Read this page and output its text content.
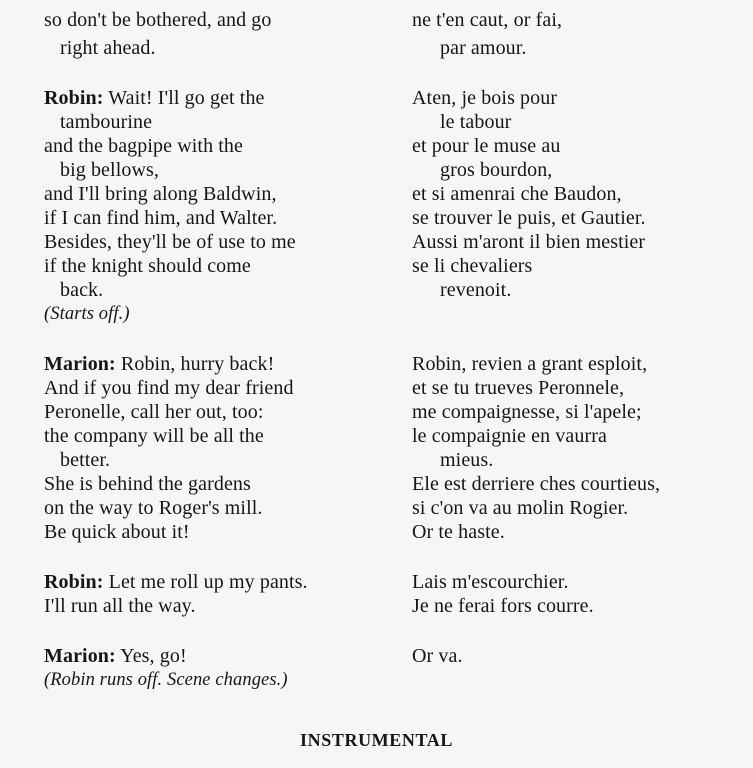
so don't be bothered, and go
right ahead.
Robin: Wait! I'll go get the
tambourine
and the bagpipe with the
big bellows,
and I'll bring along Baldwin,
if I can find him, and Walter.
Besides, they'll be of use to me
if the knight should come
back.
(Starts off.)
Marion: Robin, hurry back!
And if you find my dear friend
Peronelle, call her out, too:
the company will be all the
better.
She is behind the gardens
on the way to Roger's mill.
Be quick about it!
Robin: Let me roll up my pants.
I'll run all the way.
Marion: Yes, go!
(Robin runs off. Scene changes.)
ne t'en caut, or fai,
par amour.
Aten, je bois pour
le tabour
et pour le muse au
gros bourdon,
et si amenrai che Baudon,
se trouver le puis, et Gautier.
Aussi m'aront il bien mestier
se li chevaliers
revenoit.
Robin, revien a grant esploit,
et se tu trueves Peronnele,
me compaignesse, si l'apele;
le compaignie en vaurra
mieus.
Ele est derriere ches courtieus,
si c'on va au molin Rogier.
Or te haste.
Lais m'escourchier.
Je ne ferai fors courre.
Or va.
INSTRUMENTAL
